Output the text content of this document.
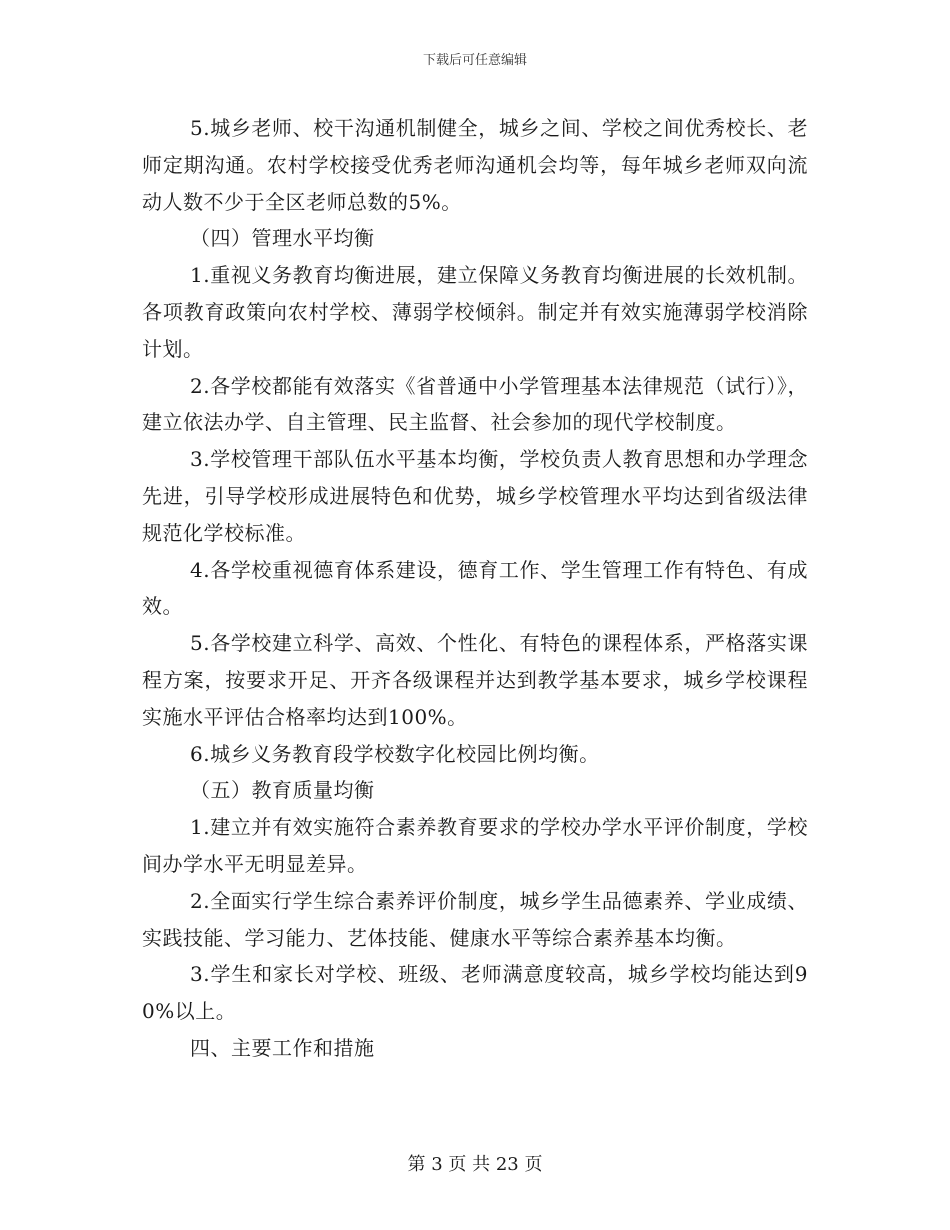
下载后可任意编辑

5.城乡老师、校干沟通机制健全，城乡之间、学校之间优秀校长、老师定期沟通。农村学校接受优秀老师沟通机会均等，每年城乡老师双向流动人数不少于全区老师总数的5%。

（四）管理水平均衡

1.重视义务教育均衡进展，建立保障义务教育均衡进展的长效机制。各项教育政策向农村学校、薄弱学校倾斜。制定并有效实施薄弱学校消除计划。

2.各学校都能有效落实《省普通中小学管理基本法律规范（试行）》，建立依法办学、自主管理、民主监督、社会参加的现代学校制度。

3.学校管理干部队伍水平基本均衡，学校负责人教育思想和办学理念先进，引导学校形成进展特色和优势，城乡学校管理水平均达到省级法律规范化学校标准。

4.各学校重视德育体系建设，德育工作、学生管理工作有特色、有成效。

5.各学校建立科学、高效、个性化、有特色的课程体系，严格落实课程方案，按要求开足、开齐各级课程并达到教学基本要求，城乡学校课程实施水平评估合格率均达到100%。

6.城乡义务教育段学校数字化校园比例均衡。

（五）教育质量均衡

1.建立并有效实施符合素养教育要求的学校办学水平评价制度，学校间办学水平无明显差异。

2.全面实行学生综合素养评价制度，城乡学生品德素养、学业成绩、实践技能、学习能力、艺体技能、健康水平等综合素养基本均衡。

3.学生和家长对学校、班级、老师满意度较高，城乡学校均能达到90%以上。

四、主要工作和措施

第 3 页 共 23 页
